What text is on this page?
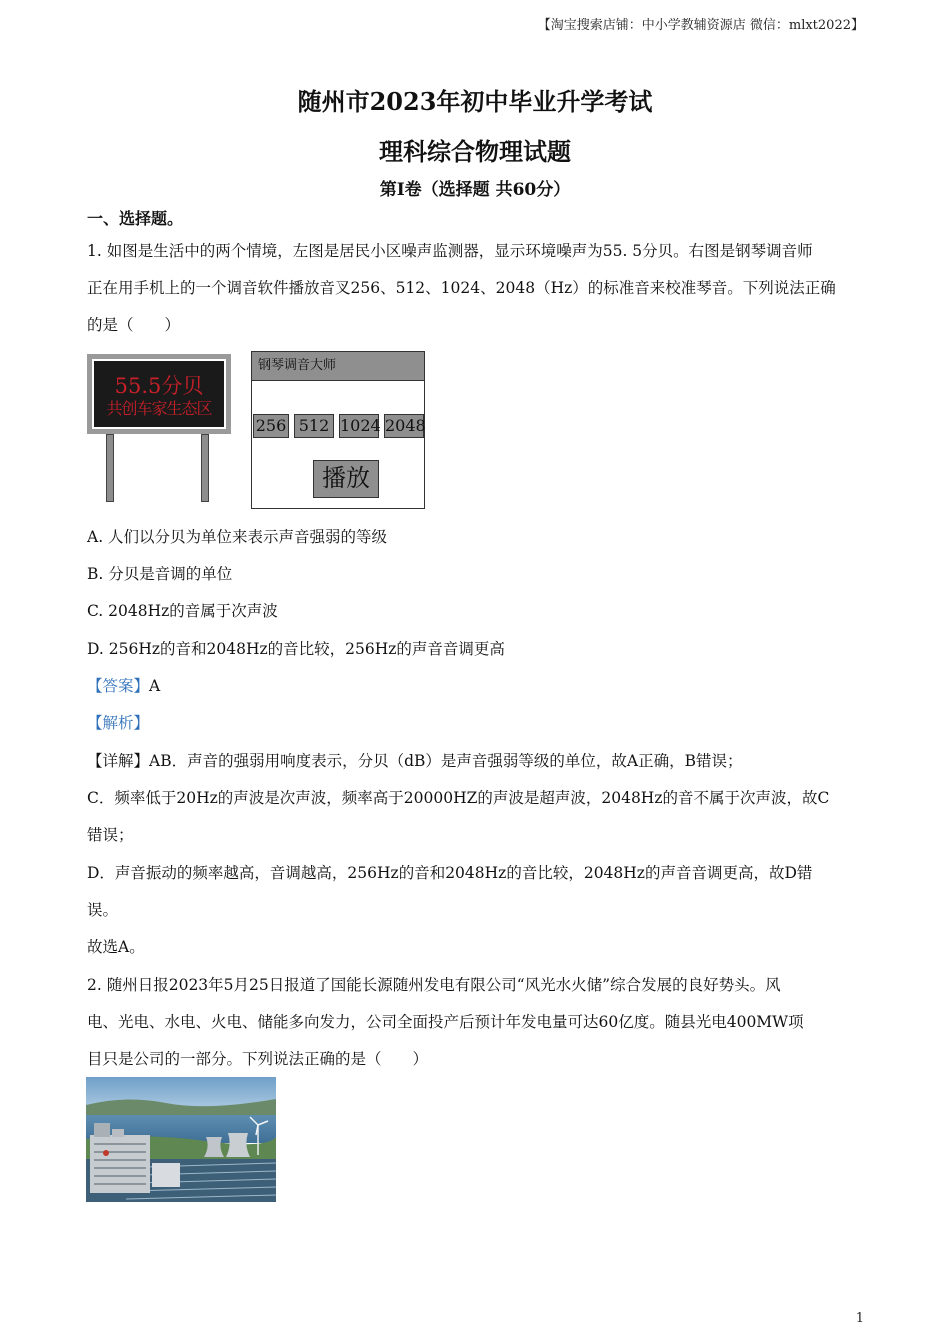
【淘宝搜索店铺：中小学教辅资源店 微信：mlxt2022】
随州市2023年初中毕业升学考试
理科综合物理试题
第I卷（选择题 共60分）
一、选择题。
1. 如图是生活中的两个情境，左图是居民小区噪声监测器，显示环境噪声为55. 5分贝。右图是钢琴调音师
正在用手机上的一个调音软件播放音叉256、512、1024、2048（Hz）的标准音来校准琴音。下列说法正确
的是（　　）
55.5分贝
共创车家生态区
钢琴调音大师
256 512 1024 2048
播放
A. 人们以分贝为单位来表示声音强弱的等级
B. 分贝是音调的单位
C. 2048Hz的音属于次声波
D. 256Hz的音和2048Hz的音比较，256Hz的声音音调更高
【答案】A
【解析】
【详解】AB．声音的强弱用响度表示，分贝（dB）是声音强弱等级的单位，故A正确，B错误；
C．频率低于20Hz的声波是次声波，频率高于20000HZ的声波是超声波，2048Hz的音不属于次声波，故C
错误；
D．声音振动的频率越高，音调越高，256Hz的音和2048Hz的音比较，2048Hz的声音音调更高，故D错
误。
故选A。
2. 随州日报2023年5月25日报道了国能长源随州发电有限公司“风光水火储”综合发展的良好势头。风
电、光电、水电、火电、储能多向发力，公司全面投产后预计年发电量可达60亿度。随县光电400MW项
目只是公司的一部分。下列说法正确的是（　　）
1
